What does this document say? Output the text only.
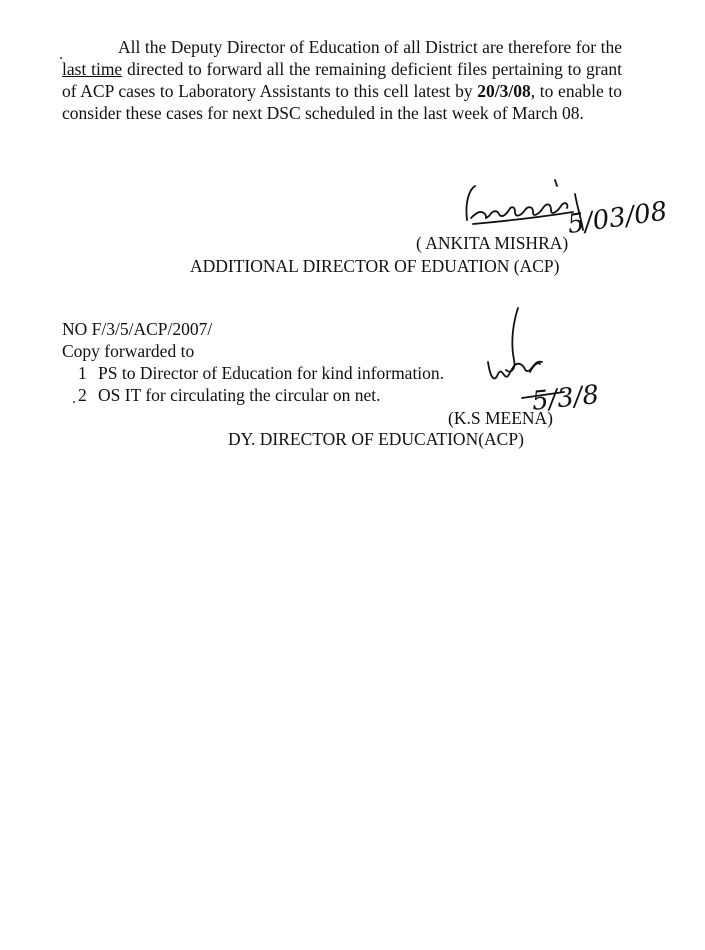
All the Deputy Director of Education of all District are therefore for the last time directed to forward all the remaining deficient files pertaining to grant of ACP cases to Laboratory Assistants to this cell latest by 20/3/08, to enable to consider these cases for next DSC scheduled in the last week of March 08.
5/03/08
( ANKITA MISHRA)
ADDITIONAL DIRECTOR OF EDUATION (ACP)
NO F/3/5/ACP/2007/
Copy forwarded to
1 PS to Director of Education for kind information.
2 OS IT for circulating the circular on net.	5/3/8
(K.S MEENA)
DY. DIRECTOR OF EDUCATION(ACP)
